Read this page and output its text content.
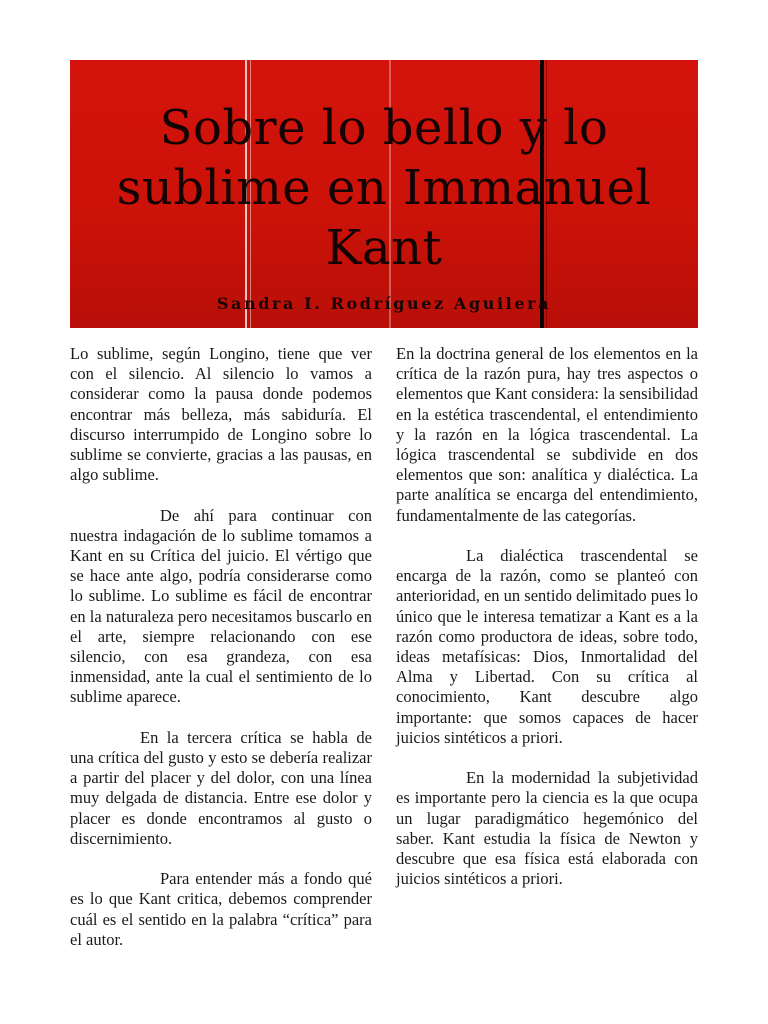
Sobre lo bello y lo sublime en Immanuel Kant
Sandra I. Rodríguez Aguilera

Lo sublime, según Longino, tiene que ver con el silencio. Al silencio lo vamos a considerar como la pausa donde podemos encontrar más belleza, más sabiduría. El discurso interrumpido de Longino sobre lo sublime se convierte, gracias a las pausas, en algo sublime.

De ahí para continuar con nuestra indagación de lo sublime tomamos a Kant en su Crítica del juicio. El vértigo que se hace ante algo, podría considerarse como lo sublime. Lo sublime es fácil de encontrar en la naturaleza pero necesitamos buscarlo en el arte, siempre relacionando con ese silencio, con esa grandeza, con esa inmensidad, ante la cual el sentimiento de lo sublime aparece.

En la tercera crítica se habla de una crítica del gusto y esto se debería realizar a partir del placer y del dolor, con una línea muy delgada de distancia. Entre ese dolor y placer es donde encontramos al gusto o discernimiento.

Para entender más a fondo qué es lo que Kant critica, debemos comprender cuál es el sentido en la palabra “crítica” para el autor.

En la doctrina general de los elementos en la crítica de la razón pura, hay tres aspectos o elementos que Kant considera: la sensibilidad en la estética trascendental, el entendimiento y la razón en la lógica trascendental. La lógica trascendental se subdivide en dos elementos que son: analítica y dialéctica. La parte analítica se encarga del entendimiento, fundamentalmente de las categorías.

La dialéctica trascendental se encarga de la razón, como se planteó con anterioridad, en un sentido delimitado pues lo único que le interesa tematizar a Kant es a la razón como productora de ideas, sobre todo, ideas metafísicas: Dios, Inmortalidad del Alma y Libertad. Con su crítica al conocimiento, Kant descubre algo importante: que somos capaces de hacer juicios sintéticos a priori.

En la modernidad la subjetividad es importante pero la ciencia es la que ocupa un lugar paradigmático hegemónico del saber. Kant estudia la física de Newton y descubre que esa física está elaborada con juicios sintéticos a priori.
